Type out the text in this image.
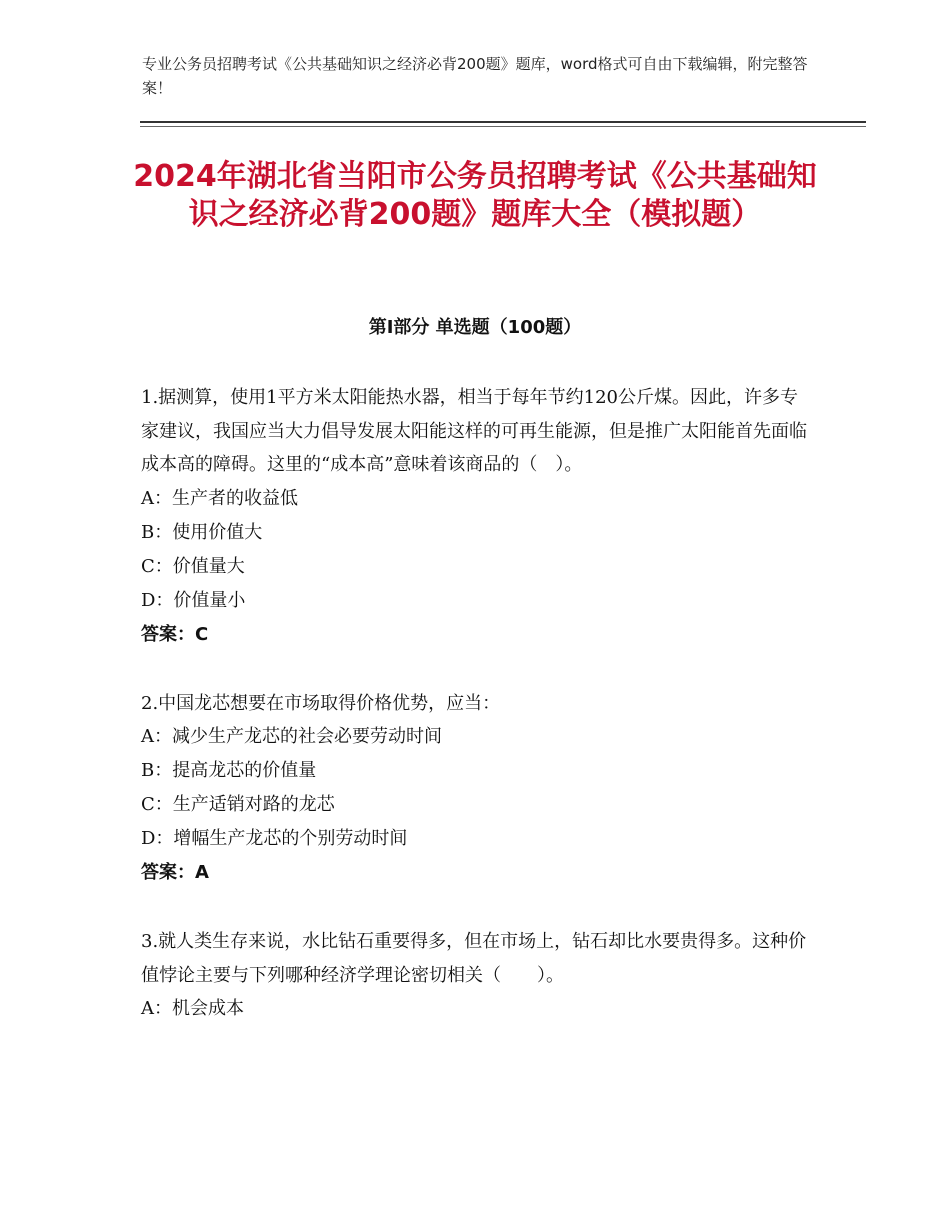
专业公务员招聘考试《公共基础知识之经济必背200题》题库，word格式可自由下载编辑，附完整答案！
2024年湖北省当阳市公务员招聘考试《公共基础知识之经济必背200题》题库大全（模拟题）
第I部分 单选题（100题）

1.据测算，使用1平方米太阳能热水器，相当于每年节约120公斤煤。因此，许多专家建议，我国应当大力倡导发展太阳能这样的可再生能源，但是推广太阳能首先面临成本高的障碍。这里的“成本高”意味着该商品的（　）。

A：生产者的收益低

B：使用价值大

C：价值量大

D：价值量小

答案：C

2.中国龙芯想要在市场取得价格优势，应当：

A：减少生产龙芯的社会必要劳动时间

B：提高龙芯的价值量

C：生产适销对路的龙芯

D：增幅生产龙芯的个别劳动时间

答案：A

3.就人类生存来说，水比钻石重要得多，但在市场上，钻石却比水要贵得多。这种价值悖论主要与下列哪种经济学理论密切相关（　　）。

A：机会成本
